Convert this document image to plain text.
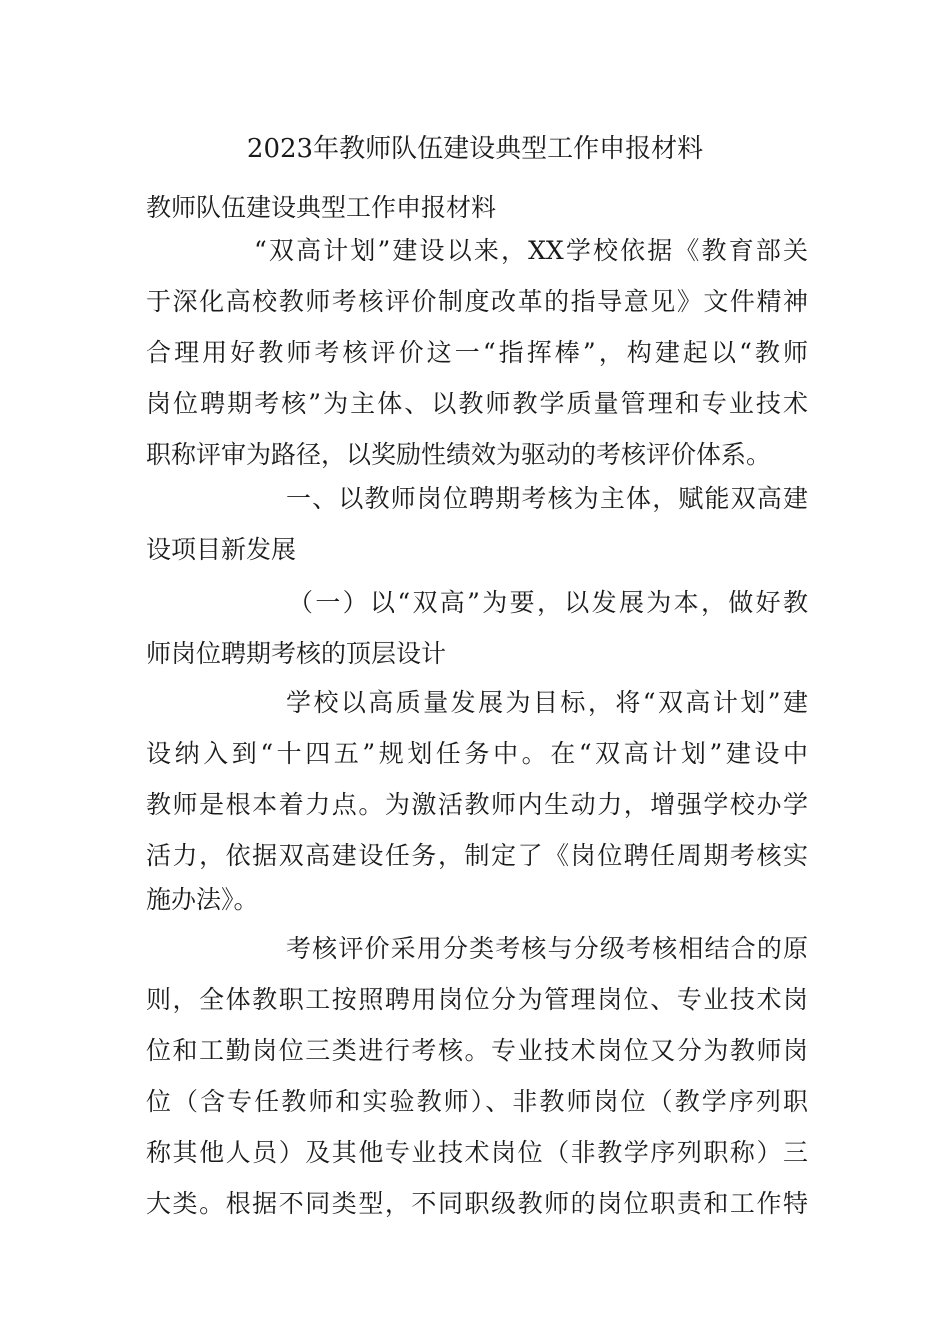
2023年教师队伍建设典型工作申报材料
教师队伍建设典型工作申报材料
“双高计划”建设以来，XX学校依据《教育部关
于深化高校教师考核评价制度改革的指导意见》文件精神
合理用好教师考核评价这一“指挥棒”，构建起以“教师
岗位聘期考核”为主体、以教师教学质量管理和专业技术
职称评审为路径，以奖励性绩效为驱动的考核评价体系。
一、以教师岗位聘期考核为主体，赋能双高建
设项目新发展
（一）以“双高”为要，以发展为本，做好教
师岗位聘期考核的顶层设计
学校以高质量发展为目标，将“双高计划”建
设纳入到“十四五”规划任务中。在“双高计划”建设中
教师是根本着力点。为激活教师内生动力，增强学校办学
活力，依据双高建设任务，制定了《岗位聘任周期考核实
施办法》。
考核评价采用分类考核与分级考核相结合的原
则，全体教职工按照聘用岗位分为管理岗位、专业技术岗
位和工勤岗位三类进行考核。专业技术岗位又分为教师岗
位（含专任教师和实验教师）、非教师岗位（教学序列职
称其他人员）及其他专业技术岗位（非教学序列职称）三
大类。根据不同类型，不同职级教师的岗位职责和工作特
